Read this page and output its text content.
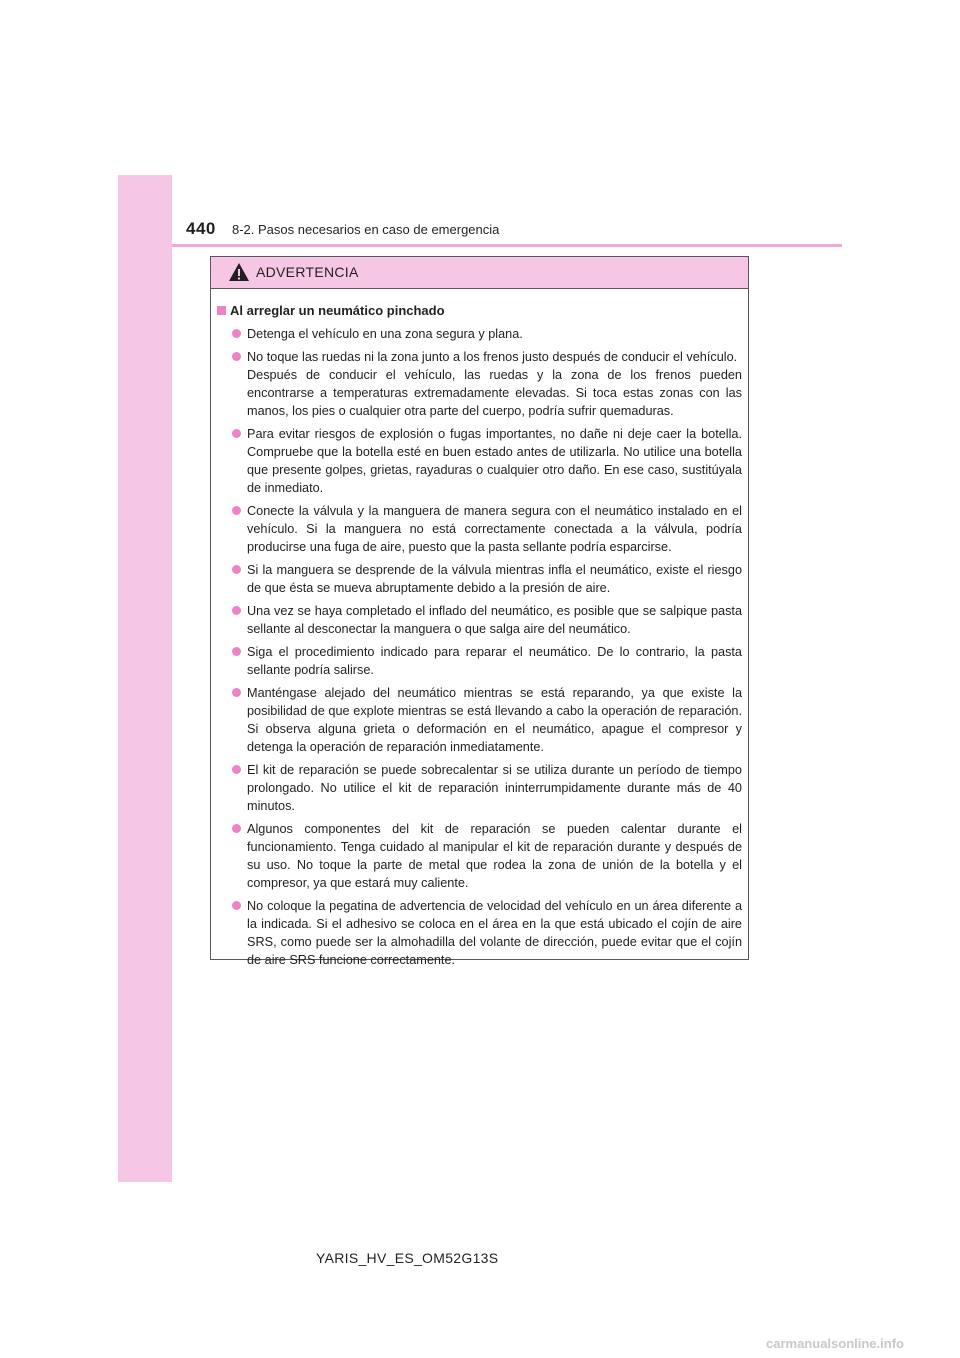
440 8-2. Pasos necesarios en caso de emergencia
ADVERTENCIA
Al arreglar un neumático pinchado

Detenga el vehículo en una zona segura y plana.

No toque las ruedas ni la zona junto a los frenos justo después de conducir el vehículo.

Después de conducir el vehículo, las ruedas y la zona de los frenos pueden encontrarse a temperaturas extremadamente elevadas. Si toca estas zonas con las manos, los pies o cualquier otra parte del cuerpo, podría sufrir quemaduras.

Para evitar riesgos de explosión o fugas importantes, no dañe ni deje caer la botella. Compruebe que la botella esté en buen estado antes de utilizarla. No utilice una botella que presente golpes, grietas, rayaduras o cualquier otro daño. En ese caso, sustitúyala de inmediato.

Conecte la válvula y la manguera de manera segura con el neumático instalado en el vehículo. Si la manguera no está correctamente conectada a la válvula, podría producirse una fuga de aire, puesto que la pasta sellante podría esparcirse.

Si la manguera se desprende de la válvula mientras infla el neumático, existe el riesgo de que ésta se mueva abruptamente debido a la presión de aire.

Una vez se haya completado el inflado del neumático, es posible que se salpique pasta sellante al desconectar la manguera o que salga aire del neumático.

Siga el procedimiento indicado para reparar el neumático. De lo contrario, la pasta sellante podría salirse.

Manténgase alejado del neumático mientras se está reparando, ya que existe la posibilidad de que explote mientras se está llevando a cabo la operación de reparación. Si observa alguna grieta o deformación en el neumático, apague el compresor y detenga la operación de reparación inmediatamente.

El kit de reparación se puede sobrecalentar si se utiliza durante un período de tiempo prolongado. No utilice el kit de reparación ininterrumpidamente durante más de 40 minutos.

Algunos componentes del kit de reparación se pueden calentar durante el funcionamiento. Tenga cuidado al manipular el kit de reparación durante y después de su uso. No toque la parte de metal que rodea la zona de unión de la botella y el compresor, ya que estará muy caliente.

No coloque la pegatina de advertencia de velocidad del vehículo en un área diferente a la indicada. Si el adhesivo se coloca en el área en la que está ubicado el cojín de aire SRS, como puede ser la almohadilla del volante de dirección, puede evitar que el cojín de aire SRS funcione correctamente.

YARIS_HV_ES_OM52G13S
carmanualsonline.info
